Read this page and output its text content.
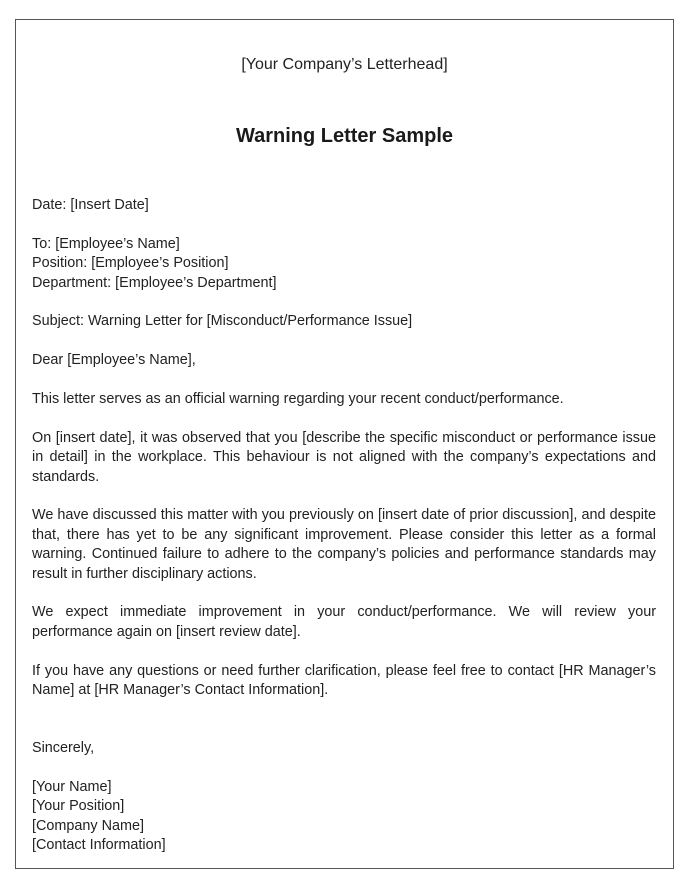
[Your Company’s Letterhead]
Warning Letter Sample

Date: [Insert Date]

To: [Employee’s Name]
Position: [Employee’s Position]
Department: [Employee’s Department]

Subject: Warning Letter for [Misconduct/Performance Issue]

Dear [Employee’s Name],

This letter serves as an official warning regarding your recent conduct/performance.

On [insert date], it was observed that you [describe the specific misconduct or performance issue in detail] in the workplace. This behaviour is not aligned with the company’s expectations and standards.

We have discussed this matter with you previously on [insert date of prior discussion], and despite that, there has yet to be any significant improvement. Please consider this letter as a formal warning. Continued failure to adhere to the company’s policies and performance standards may result in further disciplinary actions.

We expect immediate improvement in your conduct/performance. We will review your performance again on [insert review date].

If you have any questions or need further clarification, please feel free to contact [HR Manager’s Name] at [HR Manager’s Contact Information].

Sincerely,

[Your Name]
[Your Position]
[Company Name]
[Contact Information]
